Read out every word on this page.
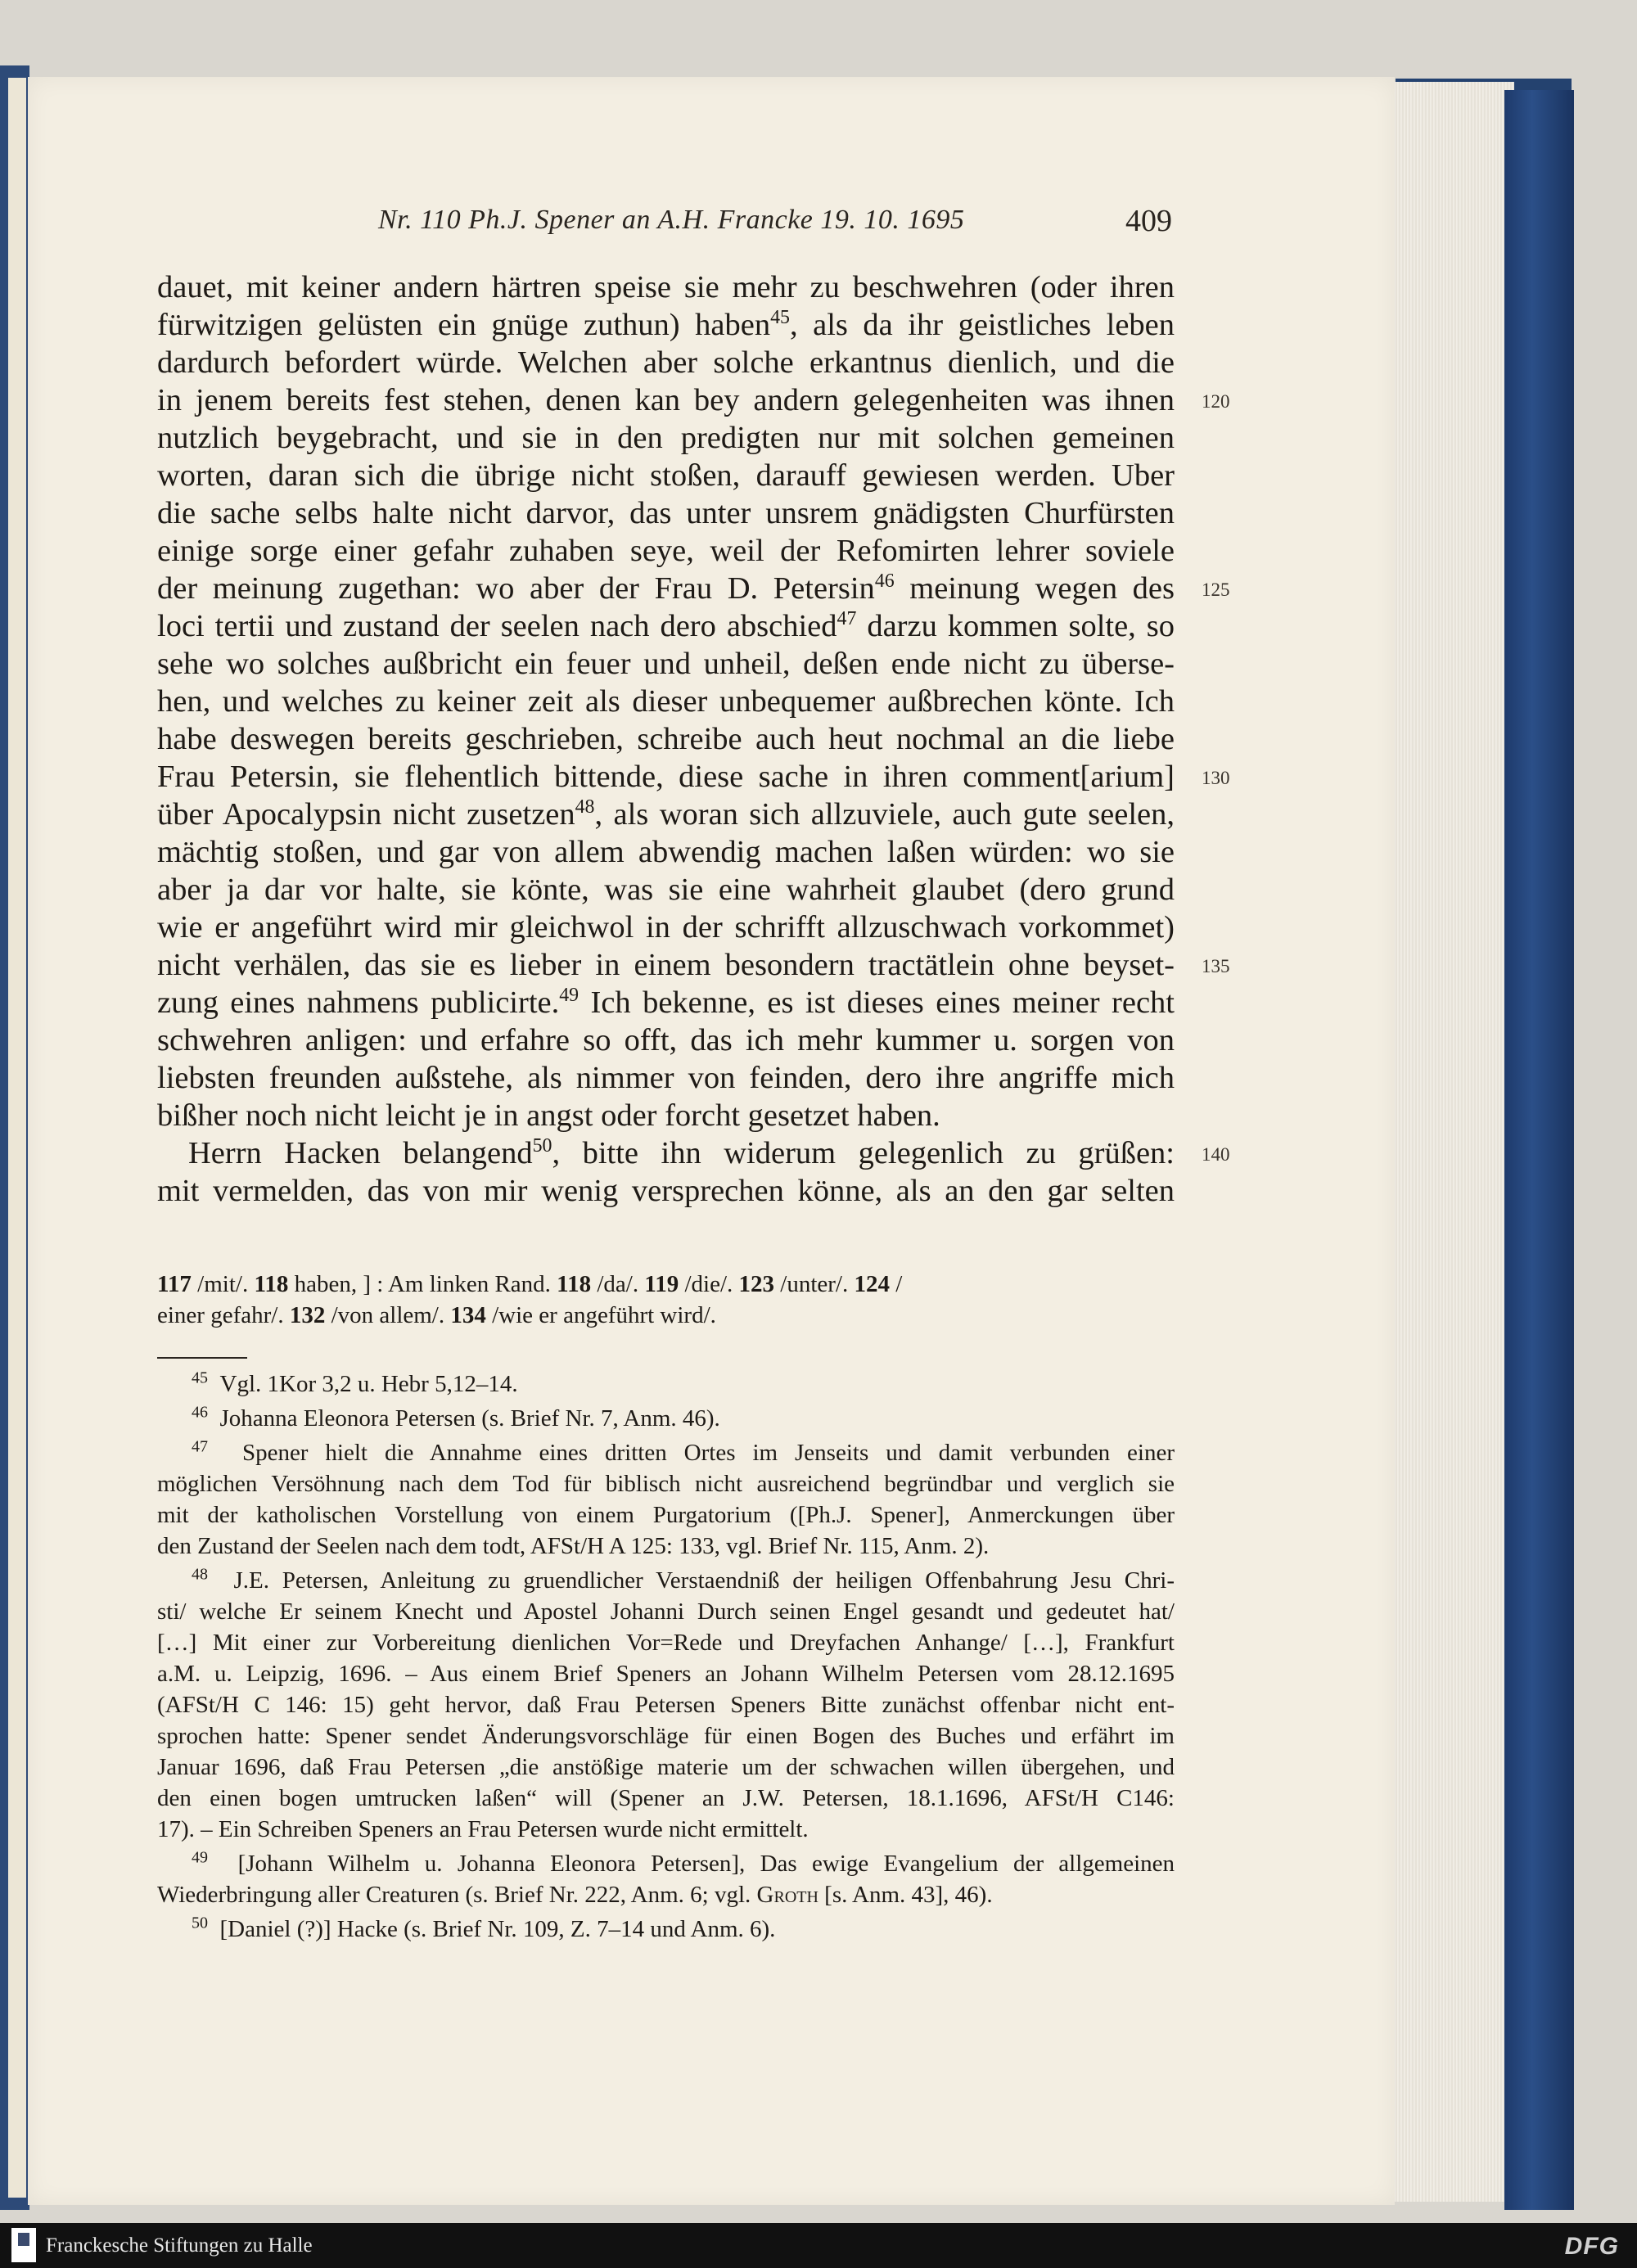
Nr. 110 Ph.J. Spener an A.H. Francke 19. 10. 1695	409
dauet, mit keiner andern härtren speise sie mehr zu beschwehren (oder ihren
fürwitzigen gelüsten ein gnüge zuthun) haben$^{45}$, als da ihr geistliches leben
dardurch befordert würde. Welchen aber solche erkantnus dienlich, und die
in jenem bereits fest stehen, denen kan bey andern gelegenheiten was ihnen 120
nutzlich beygebracht, und sie in den predigten nur mit solchen gemeinen
worten, daran sich die übrige nicht stoßen, darauff gewiesen werden. Uber
die sache selbs halte nicht darvor, das unter unsrem gnädigsten Churfürsten
einige sorge einer gefahr zuhaben seye, weil der Refomirten lehrer soviele
der meinung zugethan: wo aber der Frau D. Petersin$^{46}$ meinung wegen des 125
loci tertii und zustand der seelen nach dero abschied$^{47}$ darzu kommen solte, so
sehe wo solches außbricht ein feuer und unheil, deßen ende nicht zu überse-
hen, und welches zu keiner zeit als dieser unbequemer außbrechen könte. Ich
habe deswegen bereits geschrieben, schreibe auch heut nochmal an die liebe
Frau Petersin, sie flehentlich bittende, diese sache in ihren comment[arium] 130
über Apocalypsin nicht zusetzen$^{48}$, als woran sich allzuviele, auch gute seelen,
mächtig stoßen, und gar von allem abwendig machen laßen würden: wo sie
aber ja dar vor halte, sie könte, was sie eine wahrheit glaubet (dero grund
wie er angeführt wird mir gleichwol in der schrifft allzuschwach vorkommet)
nicht verhälen, das sie es lieber in einem besondern tractätlein ohne beyset- 135
zung eines nahmens publicirte.$^{49}$ Ich bekenne, es ist dieses eines meiner recht
schwehren anligen: und erfahre so offt, das ich mehr kummer u. sorgen von
liebsten freunden außstehe, als nimmer von feinden, dero ihre angriffe mich
bißher noch nicht leicht je in angst oder forcht gesetzet haben.
Herrn Hacken belangend$^{50}$, bitte ihn widerum gelegenlich zu grüßen: 140
mit vermelden, das von mir wenig versprechen könne, als an den gar selten
117 /mit/. 118 haben, ] : Am linken Rand. 118 /da/. 119 /die/. 123 /unter/. 124 /
einer gefahr/. 132 /von allem/. 134 /wie er angeführt wird/.
$^{45}$ Vgl. 1Kor 3,2 u. Hebr 5,12–14.
$^{46}$ Johanna Eleonora Petersen (s. Brief Nr. 7, Anm. 46).
$^{47}$ Spener hielt die Annahme eines dritten Ortes im Jenseits und damit verbunden einer
möglichen Versöhnung nach dem Tod für biblisch nicht ausreichend begründbar und verglich sie
mit der katholischen Vorstellung von einem Purgatorium ([Ph.J. Spener], Anmerckungen über
den Zustand der Seelen nach dem todt, AFSt/H A 125: 133, vgl. Brief Nr. 115, Anm. 2).
$^{48}$ J.E. Petersen, Anleitung zu gruendlicher Verstaendniß der heiligen Offenbahrung Jesu Chri-
sti/ welche Er seinem Knecht und Apostel Johanni Durch seinen Engel gesandt und gedeutet hat/
[…] Mit einer zur Vorbereitung dienlichen Vor=Rede und Dreyfachen Anhange/ […], Frankfurt
a.M. u. Leipzig, 1696. – Aus einem Brief Speners an Johann Wilhelm Petersen vom 28.12.1695
(AFSt/H C 146: 15) geht hervor, daß Frau Petersen Speners Bitte zunächst offenbar nicht ent-
sprochen hatte: Spener sendet Änderungsvorschläge für einen Bogen des Buches und erfährt im
Januar 1696, daß Frau Petersen „die anstößige materie um der schwachen willen übergehen, und
den einen bogen umtrucken laßen“ will (Spener an J.W. Petersen, 18.1.1696, AFSt/H C146:
17). – Ein Schreiben Speners an Frau Petersen wurde nicht ermittelt.
$^{49}$ [Johann Wilhelm u. Johanna Eleonora Petersen], Das ewige Evangelium der allgemeinen
Wiederbringung aller Creaturen (s. Brief Nr. 222, Anm. 6; vgl. Groth [s. Anm. 43], 46).
$^{50}$ [Daniel (?)] Hacke (s. Brief Nr. 109, Z. 7–14 und Anm. 6).
Franckesche Stiftungen zu Halle	DFG
